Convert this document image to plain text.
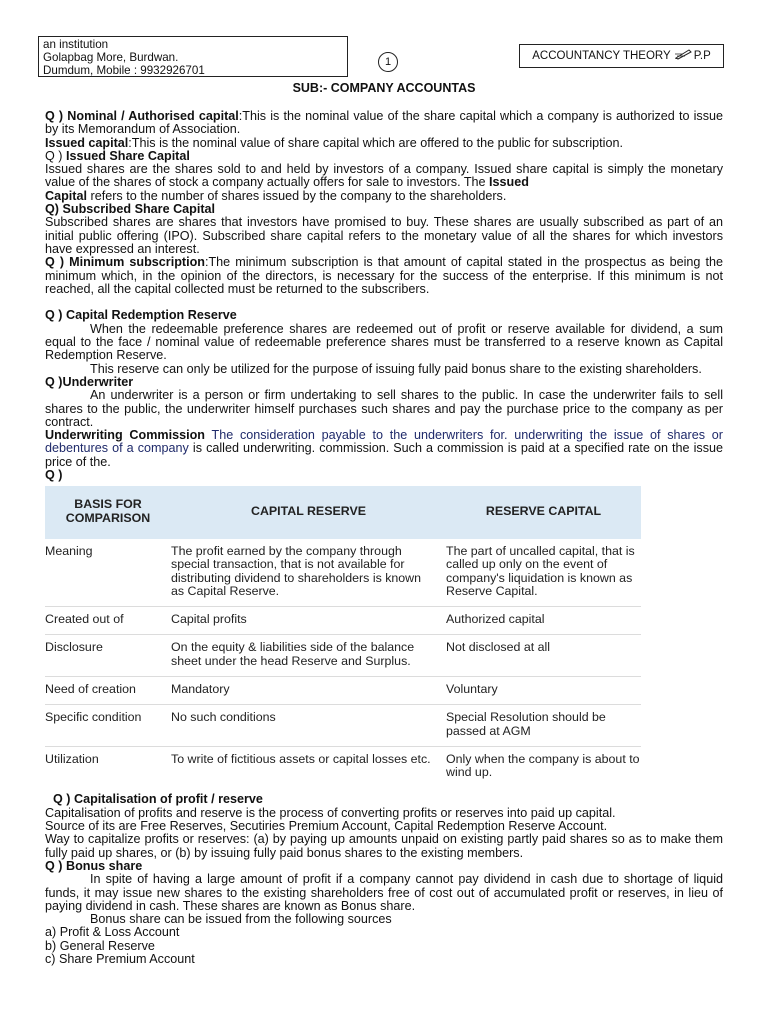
an institution
Golapbag More, Burdwan.
Dumdum, Mobile : 9932926701
1	ACCOUNTANCY THEORY P.P
SUB:- COMPANY ACCOUNTAS

Q ) Nominal / Authorised capital:This is the nominal value of the share capital which a company is authorized to issue by its Memorandum of Association.

Issued capital:This is the nominal value of share capital which are offered to the public for subscription.

Q ) Issued Share Capital

Issued shares are the shares sold to and held by investors of a company. Issued share capital is simply the monetary value of the shares of stock a company actually offers for sale to investors. The Issued

Capital refers to the number of shares issued by the company to the shareholders.

Q) Subscribed Share Capital

Subscribed shares are shares that investors have promised to buy. These shares are usually subscribed as part of an initial public offering (IPO). Subscribed share capital refers to the monetary value of all the shares for which investors have expressed an interest.

Q ) Minimum subscription:The minimum subscription is that amount of capital stated in the prospectus as being the minimum which, in the opinion of the directors, is necessary for the success of the enterprise. If this minimum is not reached, all the capital collected must be returned to the subscribers.

Q ) Capital Redemption Reserve

When the redeemable preference shares are redeemed out of profit or reserve available for dividend, a sum equal to the face / nominal value of redeemable preference shares must be transferred to a reserve known as Capital Redemption Reserve.

This reserve can only be utilized for the purpose of issuing fully paid bonus share to the existing shareholders.

Q )Underwriter

An underwriter is a person or firm undertaking to sell shares to the public. In case the underwriter fails to sell shares to the public, the underwriter himself purchases such shares and pay the purchase price to the company as per contract.

Underwriting Commission The consideration payable to the underwriters for. underwriting the issue of shares or debentures of a company is called underwriting. commission. Such a commission is paid at a specified rate on the issue price of the.

Q )

BASIS FOR COMPARISON	CAPITAL RESERVE	RESERVE CAPITAL
Meaning	The profit earned by the company through special transaction, that is not available for distributing dividend to shareholders is known as Capital Reserve.	The part of uncalled capital, that is called up only on the event of company's liquidation is known as Reserve Capital.
Created out of	Capital profits	Authorized capital
Disclosure	On the equity & liabilities side of the balance sheet under the head Reserve and Surplus.	Not disclosed at all
Need of creation	Mandatory	Voluntary
Specific condition	No such conditions	Special Resolution should be passed at AGM
Utilization	To write of fictitious assets or capital losses etc.	Only when the company is about to wind up.

Q ) Capitalisation of profit / reserve

Capitalisation of profits and reserve is the process of converting profits or reserves into paid up capital.

Source of its are Free Reserves, Secutiries Premium Account, Capital Redemption Reserve Account.

Way to capitalize profits or reserves: (a) by paying up amounts unpaid on existing partly paid shares so as to make them fully paid up shares, or (b) by issuing fully paid bonus shares to the existing members.

Q ) Bonus share

In spite of having a large amount of profit if a company cannot pay dividend in cash due to shortage of liquid funds, it may issue new shares to the existing shareholders free of cost out of accumulated profit or reserves, in lieu of paying dividend in cash. These shares are known as Bonus share.

Bonus share can be issued from the following sources

a) Profit & Loss Account

b) General Reserve

c) Share Premium Account
